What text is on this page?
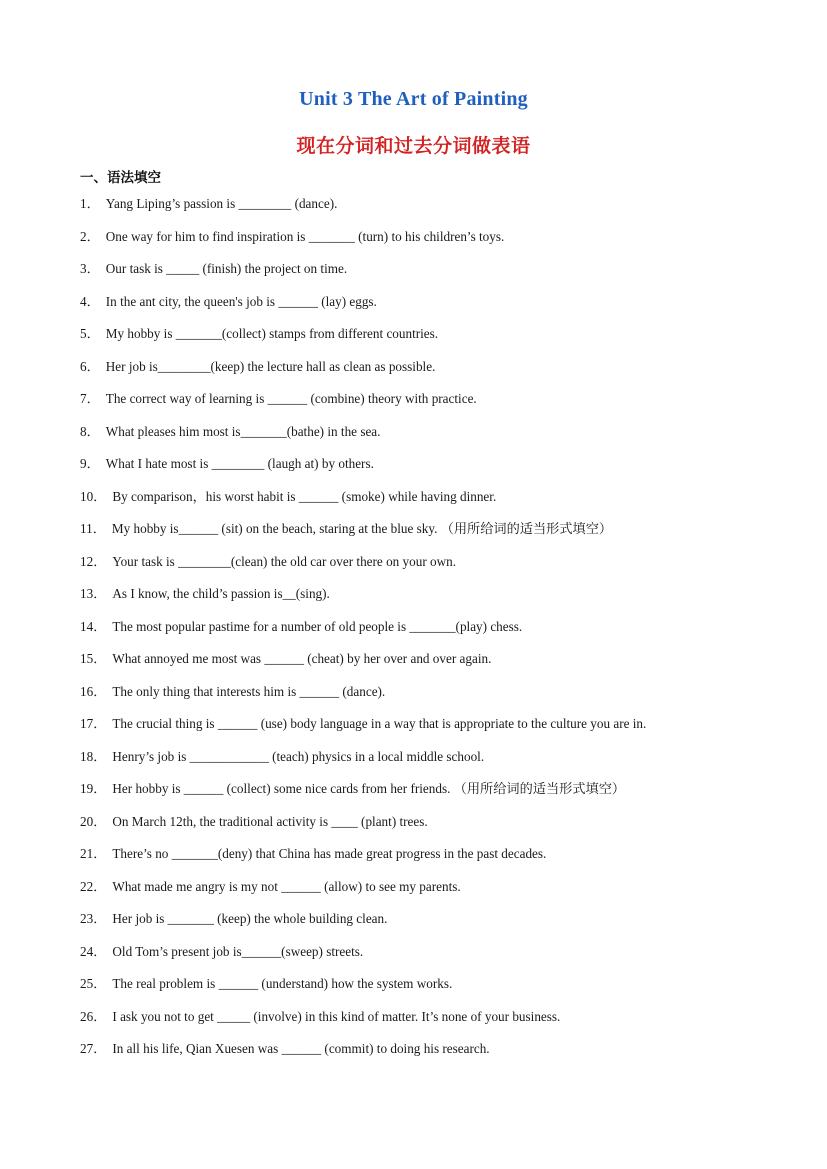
Unit 3 The Art of Painting
现在分词和过去分词做表语
一、语法填空
1． Yang Liping’s passion is ________ (dance).
2． One way for him to find inspiration is _______ (turn) to his children’s toys.
3． Our task is _____ (finish) the project on time.
4． In the ant city, the queen's job is ______ (lay) eggs.
5． My hobby is _______(collect) stamps from different countries.
6． Her job is________(keep) the lecture hall as clean as possible.
7． The correct way of learning is ______ (combine) theory with practice.
8． What pleases him most is_______(bathe) in the sea.
9． What I hate most is ________ (laugh at) by others.
10． By comparison，his worst habit is ______ (smoke) while having dinner.
11． My hobby is______ (sit) on the beach, staring at the blue sky. （用所给词的适当形式填空）
12． Your task is ________(clean) the old car over there on your own.
13． As I know, the child’s passion is__(sing).
14． The most popular pastime for a number of old people is _______(play) chess.
15． What annoyed me most was ______ (cheat) by her over and over again.
16． The only thing that interests him is ______ (dance).
17． The crucial thing is ______ (use) body language in a way that is appropriate to the culture you are in.
18． Henry’s job is ____________ (teach) physics in a local middle school.
19． Her hobby is ______ (collect) some nice cards from her friends. （用所给词的适当形式填空）
20． On March 12th, the traditional activity is ____ (plant) trees.
21． There’s no _______(deny) that China has made great progress in the past decades.
22． What made me angry is my not ______ (allow) to see my parents.
23． Her job is _______ (keep) the whole building clean.
24． Old Tom’s present job is______(sweep) streets.
25． The real problem is ______ (understand) how the system works.
26． I ask you not to get _____ (involve) in this kind of matter. It’s none of your business.
27． In all his life, Qian Xuesen was ______ (commit) to doing his research.
